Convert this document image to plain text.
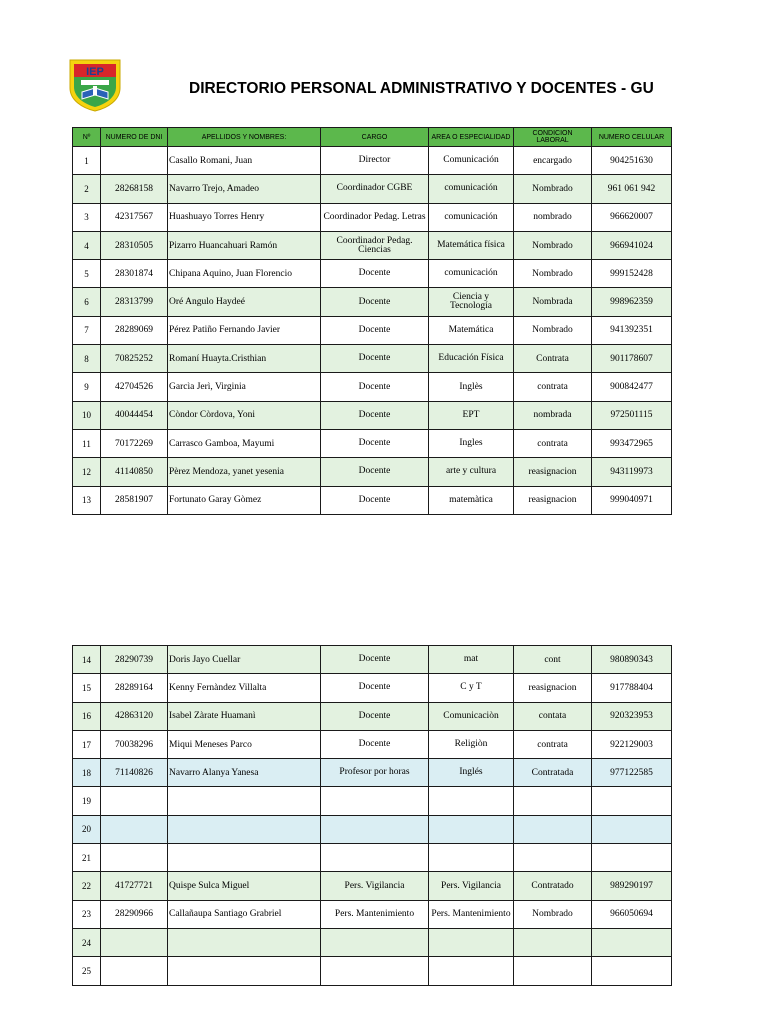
IEP
DIRECTORIO PERSONAL ADMINISTRATIVO Y DOCENTES - GU
Nº	NUMERO DE DNI	APELLIDOS Y NOMBRES:	CARGO	AREA O ESPECIALIDAD	CONDICION LABORAL	NUMERO CELULAR
1		Casallo Romani, Juan	Director	Comunicación	encargado	904251630
2	28268158	Navarro Trejo, Amadeo	Coordinador CGBE	comunicación	Nombrado	961 061 942
3	42317567	Huashuayo Torres Henry	Coordinador Pedag. Letras	comunicación	nombrado	966620007
4	28310505	Pizarro Huancahuari Ramón	Coordinador Pedag. Ciencias	Matemática física	Nombrado	966941024
5	28301874	Chipana Aquino, Juan Florencio	Docente	comunicación	Nombrado	999152428
6	28313799	Oré Angulo Haydeé	Docente	Ciencia y Tecnología	Nombrada	998962359
7	28289069	Pérez Patiño Fernando Javier	Docente	Matemática	Nombrado	941392351
8	70825252	Romaní Huayta.Cristhian	Docente	Educación Física	Contrata	901178607
9	42704526	Garcìa Jerì, Virginia	Docente	Inglès	contrata	900842477
10	40044454	Còndor Còrdova, Yoni	Docente	EPT	nombrada	972501115
11	70172269	Carrasco Gamboa, Mayumi	Docente	Ingles	contrata	993472965
12	41140850	Pèrez Mendoza, yanet yesenia	Docente	arte y cultura	reasignacion	943119973
13	28581907	Fortunato Garay Gòmez	Docente	matemàtica	reasignacion	999040971
14	28290739	Doris Jayo Cuellar	Docente	mat	cont	980890343
15	28289164	Kenny Fernàndez Villalta	Docente	C y T	reasignacion	917788404
16	42863120	Isabel Zàrate Huamanì	Docente	Comunicaciòn	contata	920323953
17	70038296	Miqui Meneses Parco	Docente	Religiòn	contrata	922129003
18	71140826	Navarro Alanya Yanesa	Profesor por horas	Inglés	Contratada	977122585
19						
20						
21						
22	41727721	Quispe Sulca Miguel	Pers. Vigilancia	Pers. Vigilancia	Contratado	989290197
23	28290966	Callañaupa Santiago Grabriel	Pers. Mantenimiento	Pers. Mantenimiento	Nombrado	966050694
24						
25						
